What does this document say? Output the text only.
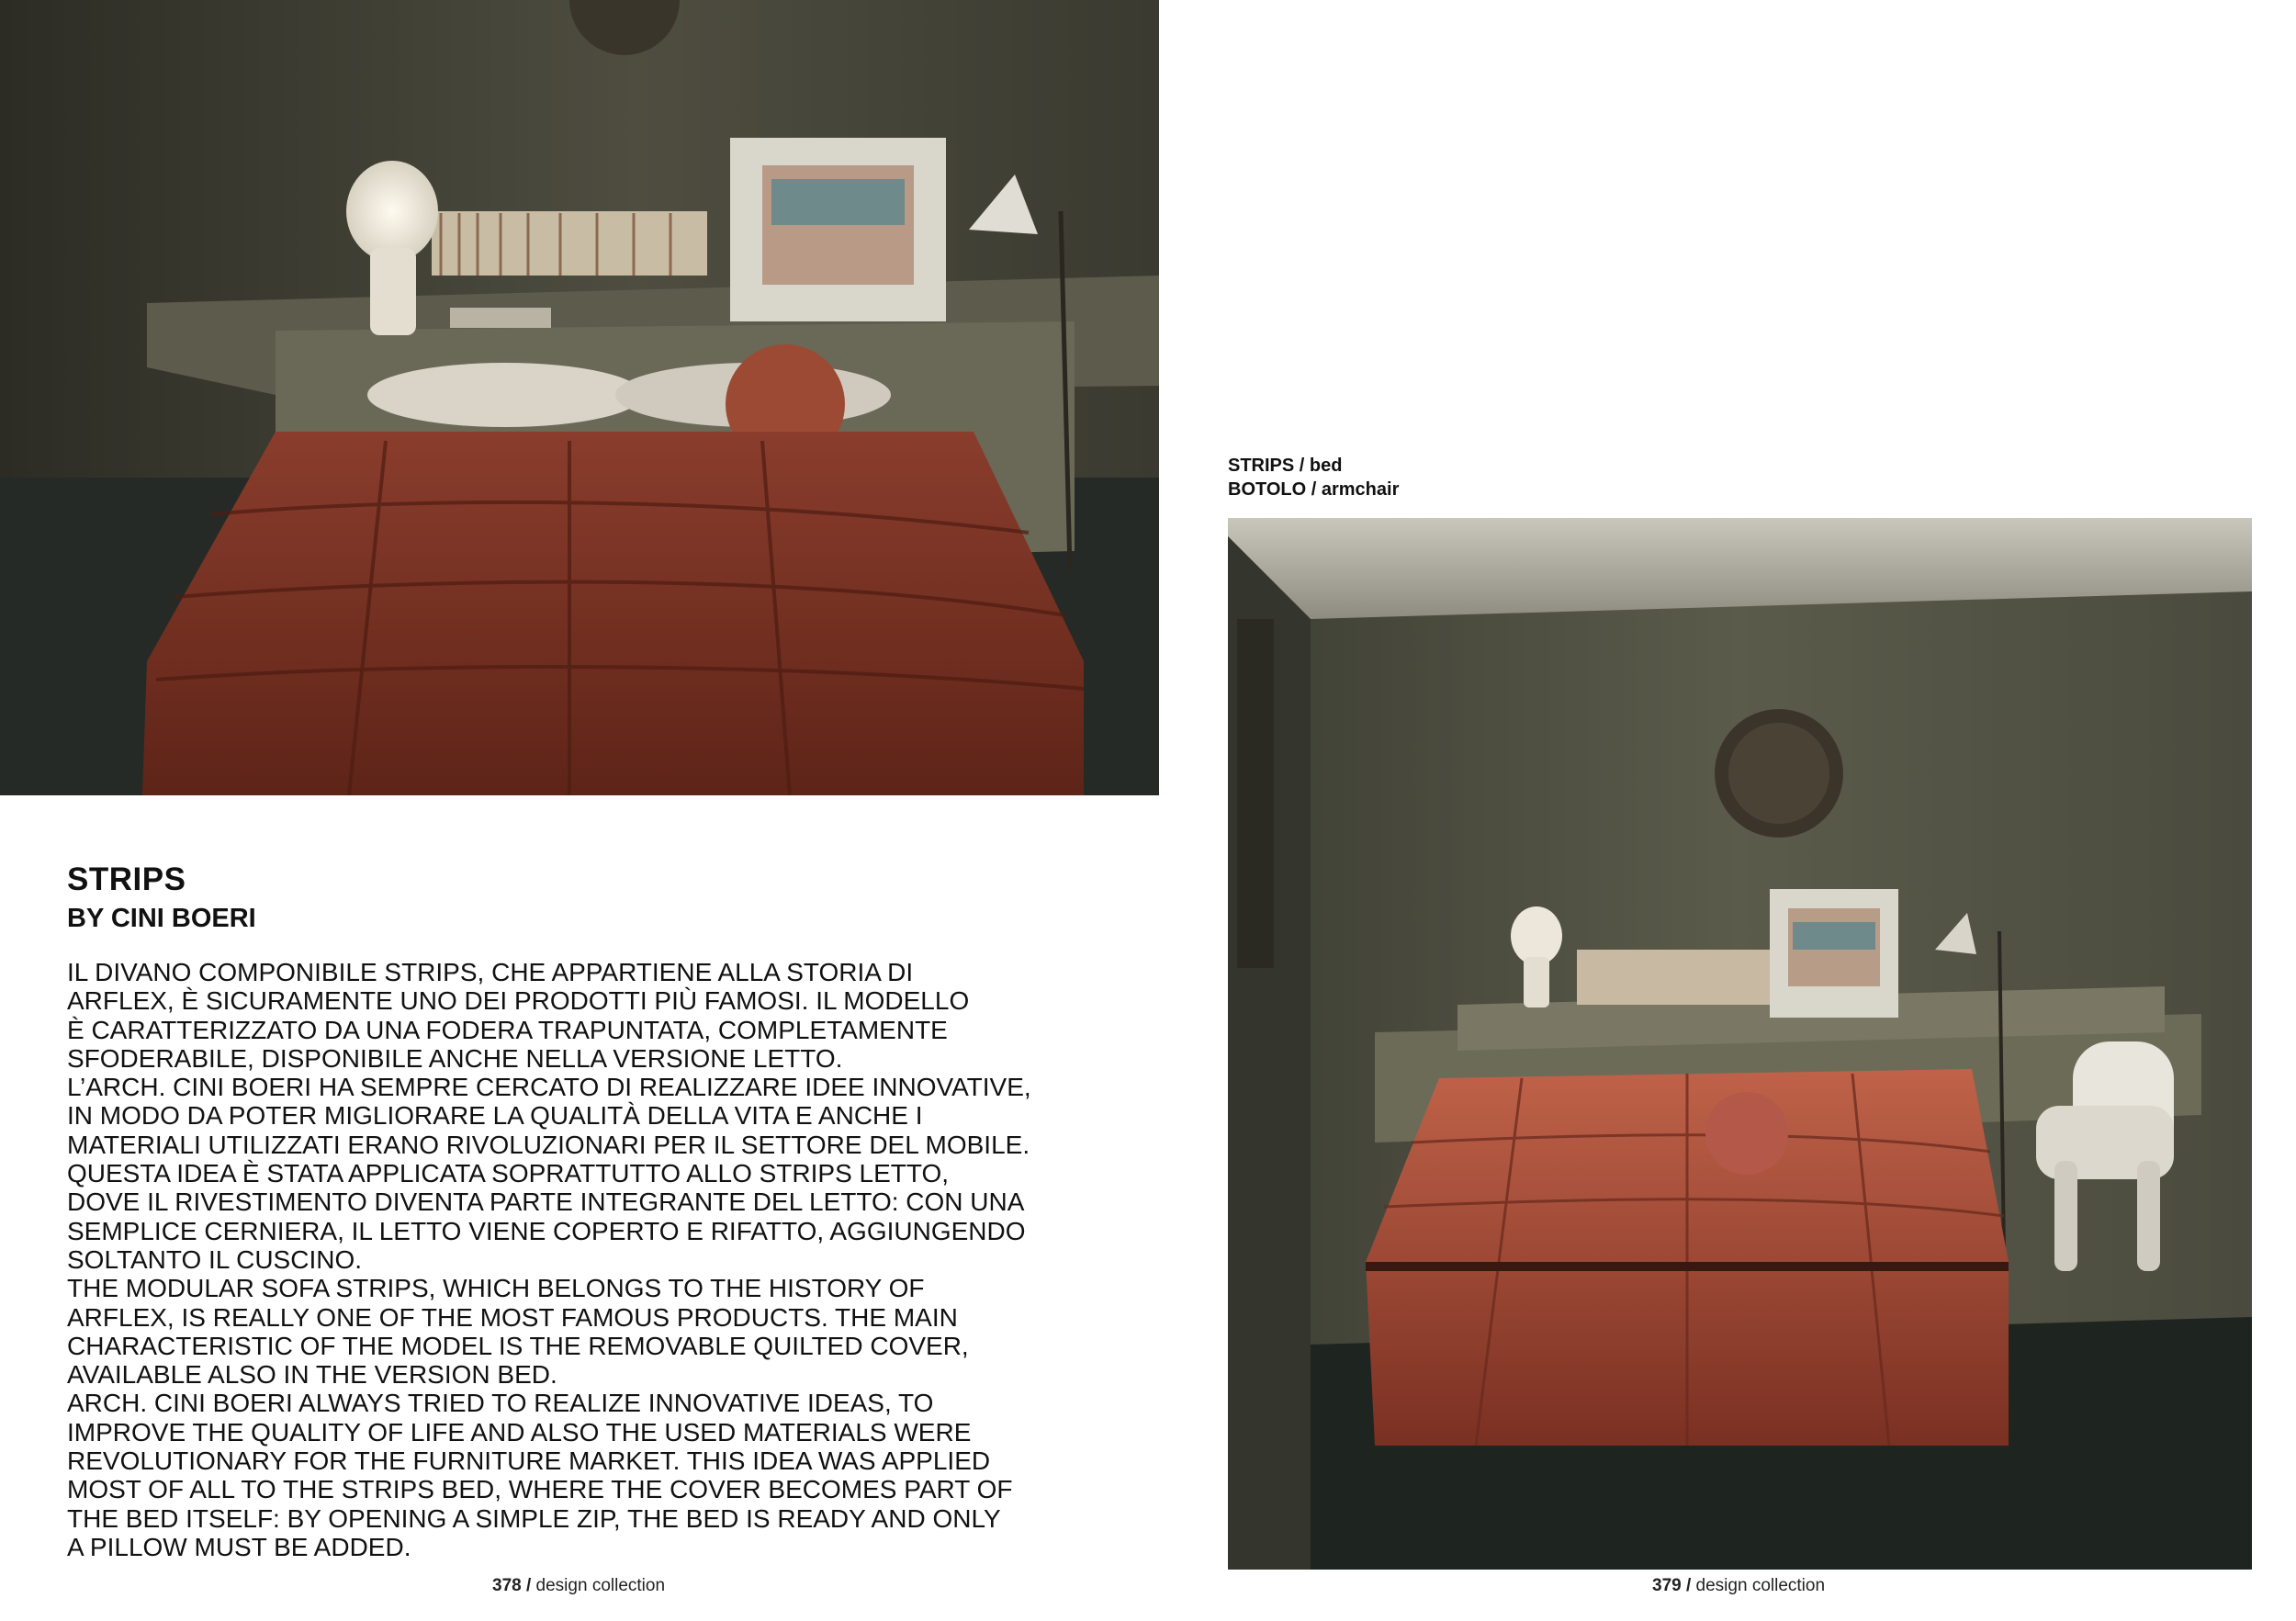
STRIPS / bed
BOTOLO / armchair
STRIPS
BY CINI BOERI

IL DIVANO COMPONIBILE STRIPS, CHE APPARTIENE ALLA STORIA DI
ARFLEX, È SICURAMENTE UNO DEI PRODOTTI PIÙ FAMOSI. IL MODELLO
È CARATTERIZZATO DA UNA FODERA TRAPUNTATA, COMPLETAMENTE
SFODERABILE, DISPONIBILE ANCHE NELLA VERSIONE LETTO.

L’ARCH. CINI BOERI HA SEMPRE CERCATO DI REALIZZARE IDEE INNOVATIVE,
IN MODO DA POTER MIGLIORARE LA QUALITÀ DELLA VITA E ANCHE I
MATERIALI UTILIZZATI ERANO RIVOLUZIONARI PER IL SETTORE DEL MOBILE.
QUESTA IDEA È STATA APPLICATA SOPRATTUTTO ALLO STRIPS LETTO,
DOVE IL RIVESTIMENTO DIVENTA PARTE INTEGRANTE DEL LETTO: CON UNA
SEMPLICE CERNIERA, IL LETTO VIENE COPERTO E RIFATTO, AGGIUNGENDO
SOLTANTO IL CUSCINO.

THE MODULAR SOFA STRIPS, WHICH BELONGS TO THE HISTORY OF
ARFLEX, IS REALLY ONE OF THE MOST FAMOUS PRODUCTS. THE MAIN
CHARACTERISTIC OF THE MODEL IS THE REMOVABLE QUILTED COVER,
AVAILABLE ALSO IN THE VERSION BED.

ARCH. CINI BOERI ALWAYS TRIED TO REALIZE INNOVATIVE IDEAS, TO
IMPROVE THE QUALITY OF LIFE AND ALSO THE USED MATERIALS WERE
REVOLUTIONARY FOR THE FURNITURE MARKET. THIS IDEA WAS APPLIED
MOST OF ALL TO THE STRIPS BED, WHERE THE COVER BECOMES PART OF
THE BED ITSELF: BY OPENING A SIMPLE ZIP, THE BED IS READY AND ONLY
A PILLOW MUST BE ADDED.

378 / design collection	379 / design collection
